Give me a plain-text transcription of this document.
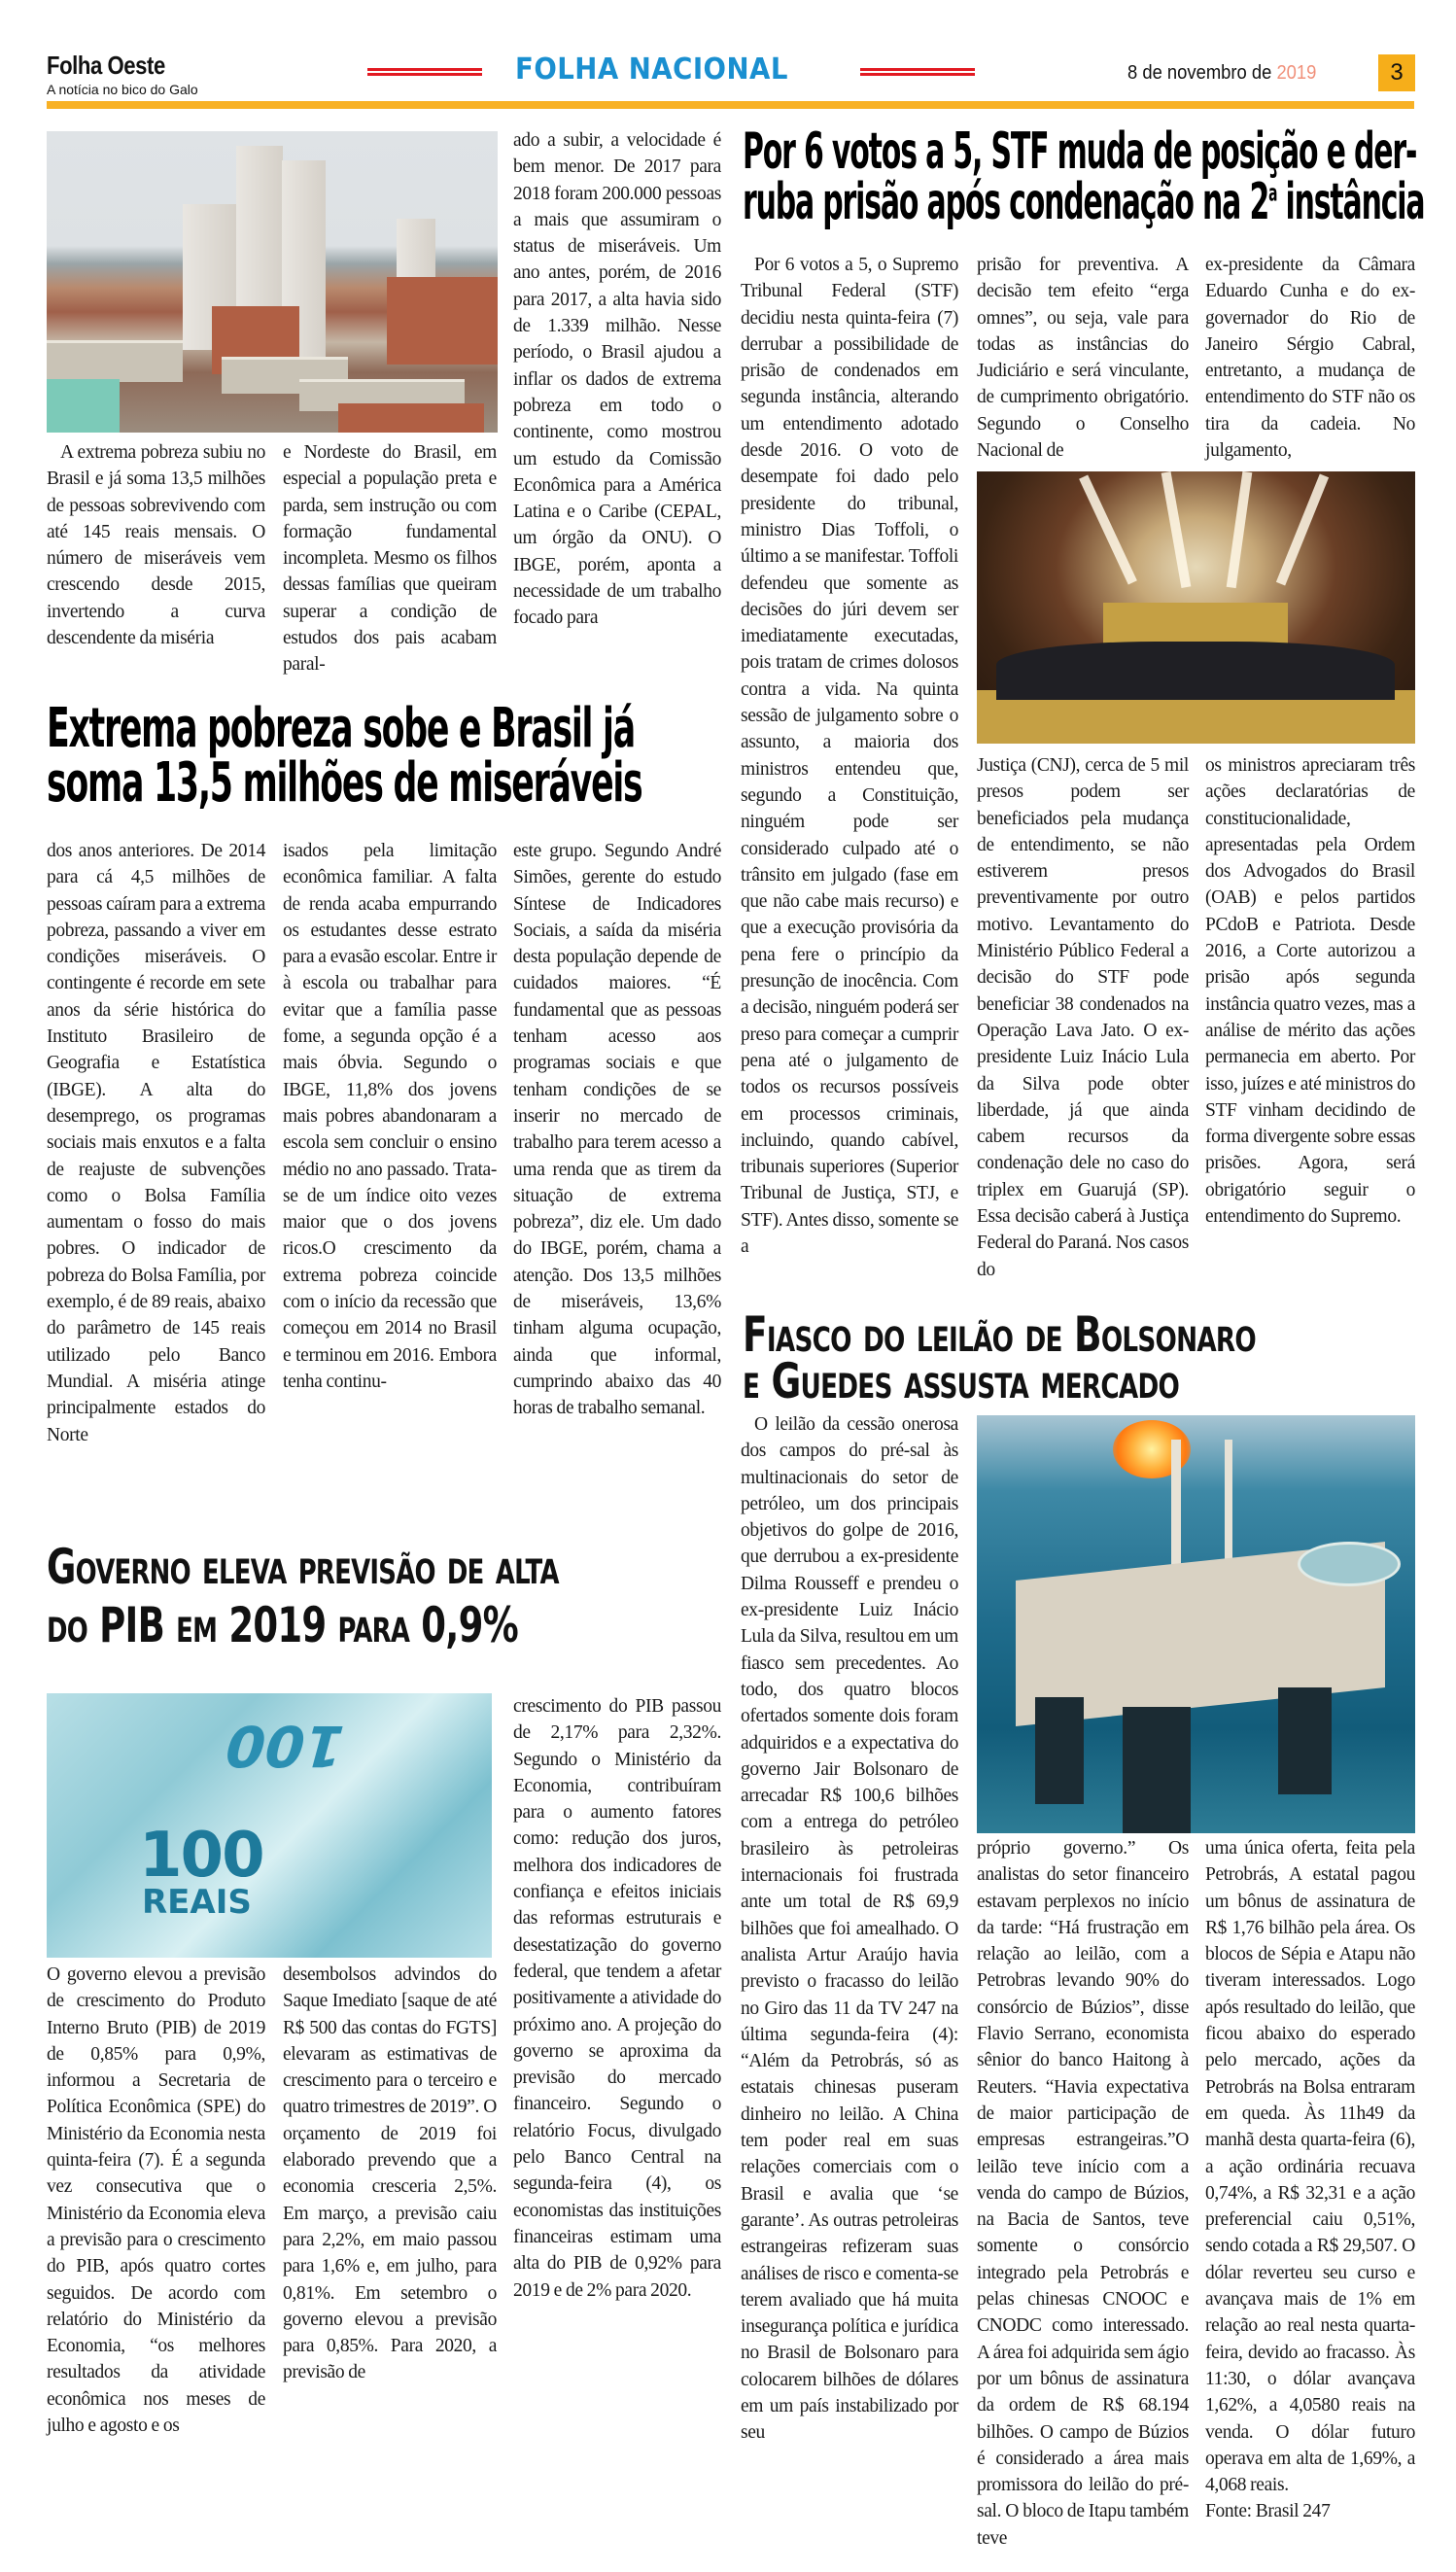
Folha Oeste
A notícia no bico do Galo
FOLHA NACIONAL	8 de novembro de 2019	3

A extrema pobreza subiu no Brasil e já soma 13,5 milhões de pessoas sobrevivendo com até 145 reais mensais. O número de miseráveis vem crescendo desde 2015, invertendo a curva descendente da miséria

e Nordeste do Brasil, em especial a população preta e parda, sem instrução ou com formação fundamental incompleta. Mesmo os filhos dessas famílias que queiram superar a condição de estudos dos pais acabam paral-

ado a subir, a velocidade é bem menor. De 2017 para 2018 foram 200.000 pessoas a mais que assumiram o status de miseráveis. Um ano antes, porém, de 2016 para 2017, a alta havia sido de 1.339 milhão. Nesse período, o Brasil ajudou a inflar os dados de extrema pobreza em todo o continente, como mostrou um estudo da Comissão Econômica para a América Latina e o Caribe (CEPAL, um órgão da ONU). O IBGE, porém, aponta a necessidade de um trabalho focado para

Extrema pobreza sobe e Brasil já
soma 13,5 milhões de miseráveis

dos anos anteriores. De 2014 para cá 4,5 milhões de pessoas caíram para a extrema pobreza, passando a viver em condições miseráveis. O contingente é recorde em sete anos da série histórica do Instituto Brasileiro de Geografia e Estatística (IBGE). A alta do desemprego, os programas sociais mais enxutos e a falta de reajuste de subvenções como o Bolsa Família aumentam o fosso do mais pobres. O indicador de pobreza do Bolsa Família, por exemplo, é de 89 reais, abaixo do parâmetro de 145 reais utilizado pelo Banco Mundial. A miséria atinge principalmente estados do Norte

isados pela limitação econômica familiar. A falta de renda acaba empurrando os estudantes desse estrato para a evasão escolar. Entre ir à escola ou trabalhar para evitar que a família passe fome, a segunda opção é a mais óbvia. Segundo o IBGE, 11,8% dos jovens mais pobres abandonaram a escola sem concluir o ensino médio no ano passado. Trata-se de um índice oito vezes maior que o dos jovens ricos.O crescimento da extrema pobreza coincide com o início da recessão que começou em 2014 no Brasil e terminou em 2016. Embora tenha continu-

este grupo. Segundo André Simões, gerente do estudo Síntese de Indicadores Sociais, a saída da miséria desta população depende de cuidados maiores. “É fundamental que as pessoas tenham acesso aos programas sociais e que tenham condições de se inserir no mercado de trabalho para terem acesso a uma renda que as tirem da situação de extrema pobreza”, diz ele. Um dado do IBGE, porém, chama a atenção. Dos 13,5 milhões de miseráveis, 13,6% tinham alguma ocupação, ainda que informal, cumprindo abaixo das 40 horas de trabalho semanal.

Por 6 votos a 5, STF muda de posição e der-
ruba prisão após condenação na 2$^a$ instância

Por 6 votos a 5, o Supremo Tribunal Federal (STF) decidiu nesta quinta-feira (7) derrubar a possibilidade de prisão de condenados em segunda instância, alterando um entendimento adotado desde 2016. O voto de desempate foi dado pelo presidente do tribunal, ministro Dias Toffoli, o último a se manifestar. Toffoli defendeu que somente as decisões do júri devem ser imediatamente executadas, pois tratam de crimes dolosos contra a vida. Na quinta sessão de julgamento sobre o assunto, a maioria dos ministros entendeu que, segundo a Constituição, ninguém pode ser considerado culpado até o trânsito em julgado (fase em que não cabe mais recurso) e que a execução provisória da pena fere o princípio da presunção de inocência. Com a decisão, ninguém poderá ser preso para começar a cumprir pena até o julgamento de todos os recursos possíveis em processos criminais, incluindo, quando cabível, tribunais superiores (Superior Tribunal de Justiça, STJ, e STF). Antes disso, somente se a

prisão for preventiva. A decisão tem efeito “erga omnes”, ou seja, vale para todas as instâncias do Judiciário e será vinculante, de cumprimento obrigatório. Segundo o Conselho Nacional de

ex-presidente da Câmara Eduardo Cunha e do ex-governador do Rio de Janeiro Sérgio Cabral, entretanto, a mudança de entendimento do STF não os tira da cadeia. No julgamento,

Justiça (CNJ), cerca de 5 mil presos podem ser beneficiados pela mudança de entendimento, se não estiverem presos preventivamente por outro motivo. Levantamento do Ministério Público Federal a decisão do STF pode beneficiar 38 condenados na Operação Lava Jato. O ex-presidente Luiz Inácio Lula da Silva pode obter liberdade, já que ainda cabem recursos da condenação dele no caso do triplex em Guarujá (SP). Essa decisão caberá à Justiça Federal do Paraná. Nos casos do

os ministros apreciaram três ações declaratórias de constitucionalidade, apresentadas pela Ordem dos Advogados do Brasil (OAB) e pelos partidos PCdoB e Patriota. Desde 2016, a Corte autorizou a prisão após segunda instância quatro vezes, mas a análise de mérito das ações permanecia em aberto. Por isso, juízes e até ministros do STF vinham decidindo de forma divergente sobre essas prisões. Agora, será obrigatório seguir o entendimento do Supremo.

Governo eleva previsão de alta
do PIB em 2019 para 0,9%
100
100
REAIS

O governo elevou a previsão de crescimento do Produto Interno Bruto (PIB) de 2019 de 0,85% para 0,9%, informou a Secretaria de Política Econômica (SPE) do Ministério da Economia nesta quinta-feira (7). É a segunda vez consecutiva que o Ministério da Economia eleva a previsão para o crescimento do PIB, após quatro cortes seguidos. De acordo com relatório do Ministério da Economia, “os melhores resultados da atividade econômica nos meses de julho e agosto e os

desembolsos advindos do Saque Imediato [saque de até R$ 500 das contas do FGTS] elevaram as estimativas de crescimento para o terceiro e quatro trimestres de 2019”. O orçamento de 2019 foi elaborado prevendo que a economia cresceria 2,5%. Em março, a previsão caiu para 2,2%, em maio passou para 1,6% e, em julho, para 0,81%. Em setembro o governo elevou a previsão para 0,85%. Para 2020, a previsão de

crescimento do PIB passou de 2,17% para 2,32%. Segundo o Ministério da Economia, contribuíram para o aumento fatores como: redução dos juros, melhora dos indicadores de confiança e efeitos iniciais das reformas estruturais e desestatização do governo federal, que tendem a afetar positivamente a atividade do próximo ano. A projeção do governo se aproxima da previsão do mercado financeiro. Segundo o relatório Focus, divulgado pelo Banco Central na segunda-feira (4), os economistas das instituições financeiras estimam uma alta do PIB de 0,92% para 2019 e de 2% para 2020.

Fiasco do leilão de Bolsonaro
e Guedes assusta mercado

O leilão da cessão onerosa dos campos do pré-sal às multinacionais do setor de petróleo, um dos principais objetivos do golpe de 2016, que derrubou a ex-presidente Dilma Rousseff e prendeu o ex-presidente Luiz Inácio Lula da Silva, resultou em um fiasco sem precedentes. Ao todo, dos quatro blocos ofertados somente dois foram adquiridos e a expectativa do governo Jair Bolsonaro de arrecadar R$ 100,6 bilhões com a entrega do petróleo brasileiro às petroleiras internacionais foi frustrada ante um total de R$ 69,9 bilhões que foi amealhado. O analista Artur Araújo havia previsto o fracasso do leilão no Giro das 11 da TV 247 na última segunda-feira (4): “Além da Petrobrás, só as estatais chinesas puseram dinheiro no leilão. A China tem poder real em suas relações comerciais com o Brasil e avalia que ‘se garante’. As outras petroleiras estrangeiras refizeram suas análises de risco e comenta-se terem avaliado que há muita insegurança política e jurídica no Brasil de Bolsonaro para colocarem bilhões de dólares em um país instabilizado por seu

próprio governo.” Os analistas do setor financeiro estavam perplexos no início da tarde: “Há frustração em relação ao leilão, com a Petrobras levando 90% do consórcio de Búzios”, disse Flavio Serrano, economista sênior do banco Haitong à Reuters. “Havia expectativa de maior participação de empresas estrangeiras.”O leilão teve início com a venda do campo de Búzios, na Bacia de Santos, teve somente o consórcio integrado pela Petrobrás e pelas chinesas CNOOC e CNODC como interessado. A área foi adquirida sem ágio por um bônus de assinatura da ordem de R$ 68.194 bilhões. O campo de Búzios é considerado a área mais promissora do leilão do pré-sal. O bloco de Itapu também teve

uma única oferta, feita pela Petrobrás, A estatal pagou um bônus de assinatura de R$ 1,76 bilhão pela área. Os blocos de Sépia e Atapu não tiveram interessados. Logo após resultado do leilão, que ficou abaixo do esperado pelo mercado, ações da Petrobrás na Bolsa entraram em queda. Às 11h49 da manhã desta quarta-feira (6), a ação ordinária recuava 0,74%, a R$ 32,31 e a ação preferencial caiu 0,51%, sendo cotada a R$ 29,507. O dólar reverteu seu curso e avançava mais de 1% em relação ao real nesta quarta-feira, devido ao fracasso. Às 11:30, o dólar avançava 1,62%, a 4,0580 reais na venda. O dólar futuro operava em alta de 1,69%, a 4,068 reais.

Fonte: Brasil 247
